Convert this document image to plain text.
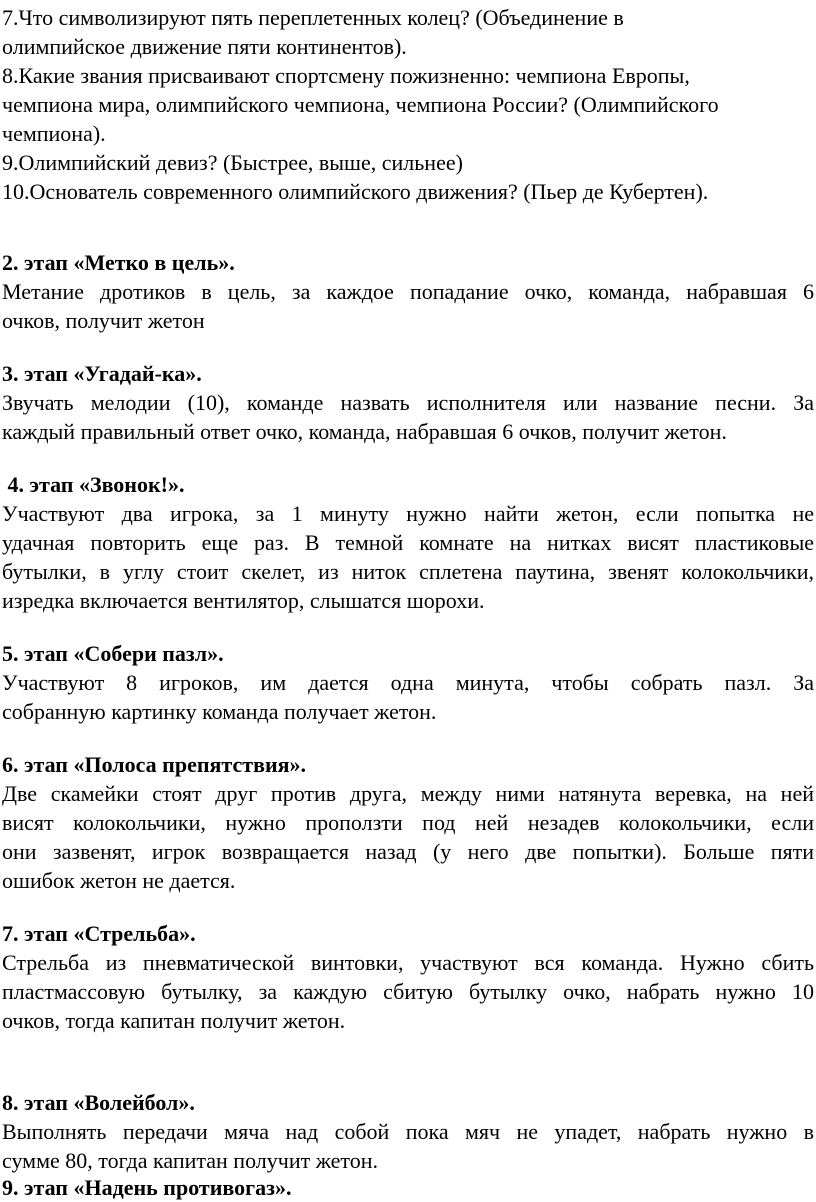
7.Что символизируют пять переплетенных колец? (Объединение в
олимпийское движение пяти континентов).
8.Какие звания присваивают спортсмену пожизненно: чемпиона Европы,
чемпиона мира, олимпийского чемпиона, чемпиона России? (Олимпийского
чемпиона).
9.Олимпийский девиз? (Быстрее, выше, сильнее)
10.Основатель современного олимпийского движения? (Пьер де Кубертен).
2. этап «Метко в цель».
Метание дротиков в цель, за каждое попадание очко, команда, набравшая 6
очков, получит жетон
3. этап «Угадай-ка».
Звучать мелодии (10), команде назвать исполнителя или название песни. За
каждый правильный ответ очко, команда, набравшая 6 очков, получит жетон.
4. этап «Звонок!».
Участвуют два игрока, за 1 минуту нужно найти жетон, если попытка не
удачная повторить еще раз. В темной комнате на нитках висят пластиковые
бутылки, в углу стоит скелет, из ниток сплетена паутина, звенят колокольчики,
изредка включается вентилятор, слышатся шорохи.
5. этап «Собери пазл».
Участвуют 8 игроков, им дается одна минута, чтобы собрать пазл. За
собранную картинку команда получает жетон.
6. этап «Полоса препятствия».
Две скамейки стоят друг против друга, между ними натянута веревка, на ней
висят колокольчики, нужно проползти под ней незадев колокольчики, если
они зазвенят, игрок возвращается назад (у него две попытки). Больше пяти
ошибок жетон не дается.
7. этап «Стрельба».
Стрельба из пневматической винтовки, участвуют вся команда. Нужно сбить
пластмассовую бутылку, за каждую сбитую бутылку очко, набрать нужно 10
очков, тогда капитан получит жетон.
8. этап «Волейбол».
Выполнять передачи мяча над собой пока мяч не упадет, набрать нужно в
сумме 80, тогда капитан получит жетон.
9. этап «Надень противогаз».
